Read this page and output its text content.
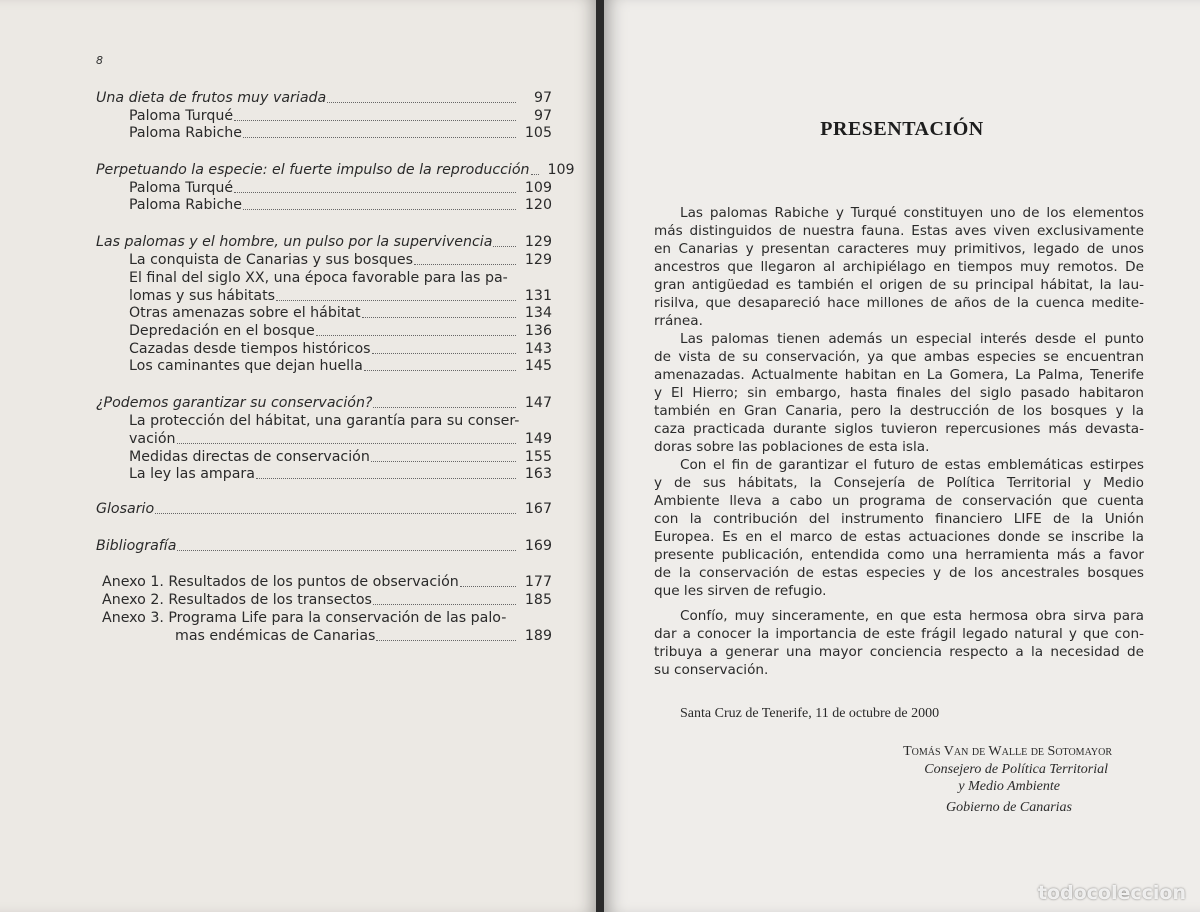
8
Una dieta de frutos muy variada	97
Paloma Turqué	97
Paloma Rabiche	105
Perpetuando la especie: el fuerte impulso de la reproducción	109
Paloma Turqué	109
Paloma Rabiche	120
Las palomas y el hombre, un pulso por la supervivencia	129
La conquista de Canarias y sus bosques	129
El final del siglo XX, una época favorable para las pa-
lomas y sus hábitats	131
Otras amenazas sobre el hábitat	134
Depredación en el bosque	136
Cazadas desde tiempos históricos	143
Los caminantes que dejan huella	145
¿Podemos garantizar su conservación?	147
La protección del hábitat, una garantía para su conser-
vación	149
Medidas directas de conservación	155
La ley las ampara	163
Glosario	167
Bibliografía	169
Anexo 1. Resultados de los puntos de observación	177
Anexo 2. Resultados de los transectos	185
Anexo 3. Programa Life para la conservación de las palo-
mas endémicas de Canarias	189
PRESENTACIÓN
Las palomas Rabiche y Turqué constituyen uno de los elementos
más distinguidos de nuestra fauna. Estas aves viven exclusivamente
en Canarias y presentan caracteres muy primitivos, legado de unos
ancestros que llegaron al archipiélago en tiempos muy remotos. De
gran antigüedad es también el origen de su principal hábitat, la lau-
risilva, que desapareció hace millones de años de la cuenca medite-
rránea.
Las palomas tienen además un especial interés desde el punto
de vista de su conservación, ya que ambas especies se encuentran
amenazadas. Actualmente habitan en La Gomera, La Palma, Tenerife
y El Hierro; sin embargo, hasta finales del siglo pasado habitaron
también en Gran Canaria, pero la destrucción de los bosques y la
caza practicada durante siglos tuvieron repercusiones más devasta-
doras sobre las poblaciones de esta isla.
Con el fin de garantizar el futuro de estas emblemáticas estirpes
y de sus hábitats, la Consejería de Política Territorial y Medio
Ambiente lleva a cabo un programa de conservación que cuenta
con la contribución del instrumento financiero LIFE de la Unión
Europea. Es en el marco de estas actuaciones donde se inscribe la
presente publicación, entendida como una herramienta más a favor
de la conservación de estas especies y de los ancestrales bosques
que les sirven de refugio.
Confío, muy sinceramente, en que esta hermosa obra sirva para
dar a conocer la importancia de este frágil legado natural y que con-
tribuya a generar una mayor conciencia respecto a la necesidad de
su conservación.
Santa Cruz de Tenerife, 11 de octubre de 2000
Tomás Van de Walle de Sotomayor
Consejero de Política Territorial
y Medio Ambiente
Gobierno de Canarias
todocoleccion
